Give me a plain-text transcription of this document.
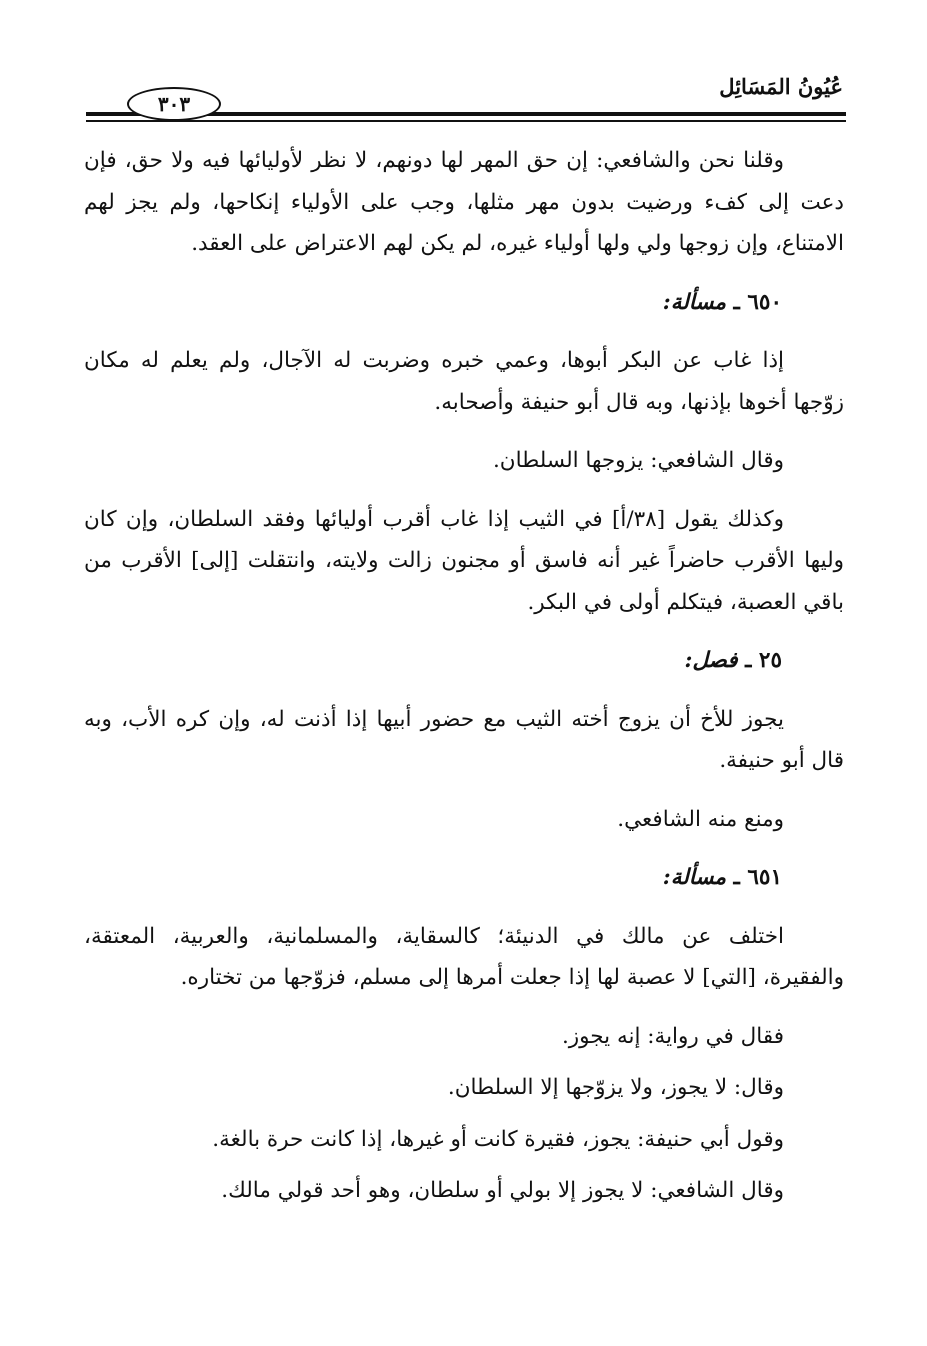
عُيُونُ المَسَائِل
٣٠٣

وقلنا نحن والشافعي: إن حق المهر لها دونهم، لا نظر لأوليائها فيه ولا حق، فإن دعت إلى كفء ورضيت بدون مهر مثلها، وجب على الأولياء إنكاحها، ولم يجز لهم الامتناع، وإن زوجها ولي ولها أولياء غيره، لم يكن لهم الاعتراض على العقد.

٦٥٠ ـ مسألة:

إذا غاب عن البكر أبوها، وعمي خبره وضربت له الآجال، ولم يعلم له مكان زوّجها أخوها بإذنها، وبه قال أبو حنيفة وأصحابه.

وقال الشافعي: يزوجها السلطان.

وكذلك يقول [٣٨/أ] في الثيب إذا غاب أقرب أوليائها وفقد السلطان، وإن كان وليها الأقرب حاضراً غير أنه فاسق أو مجنون زالت ولايته، وانتقلت [إلى] الأقرب من باقي العصبة، فيتكلم أولى في البكر.

٢٥ ـ فصل:

يجوز للأخ أن يزوج أخته الثيب مع حضور أبيها إذا أذنت له، وإن كره الأب، وبه قال أبو حنيفة.

ومنع منه الشافعي.

٦٥١ ـ مسألة:

اختلف عن مالك في الدنيئة؛ كالسقاية، والمسلمانية، والعربية، المعتقة، والفقيرة، [التي] لا عصبة لها إذا جعلت أمرها إلى مسلم، فزوّجها من تختاره.

فقال في رواية: إنه يجوز.

وقال: لا يجوز، ولا يزوّجها إلا السلطان.

وقول أبي حنيفة: يجوز، فقيرة كانت أو غيرها، إذا كانت حرة بالغة.

وقال الشافعي: لا يجوز إلا بولي أو سلطان، وهو أحد قولي مالك.
